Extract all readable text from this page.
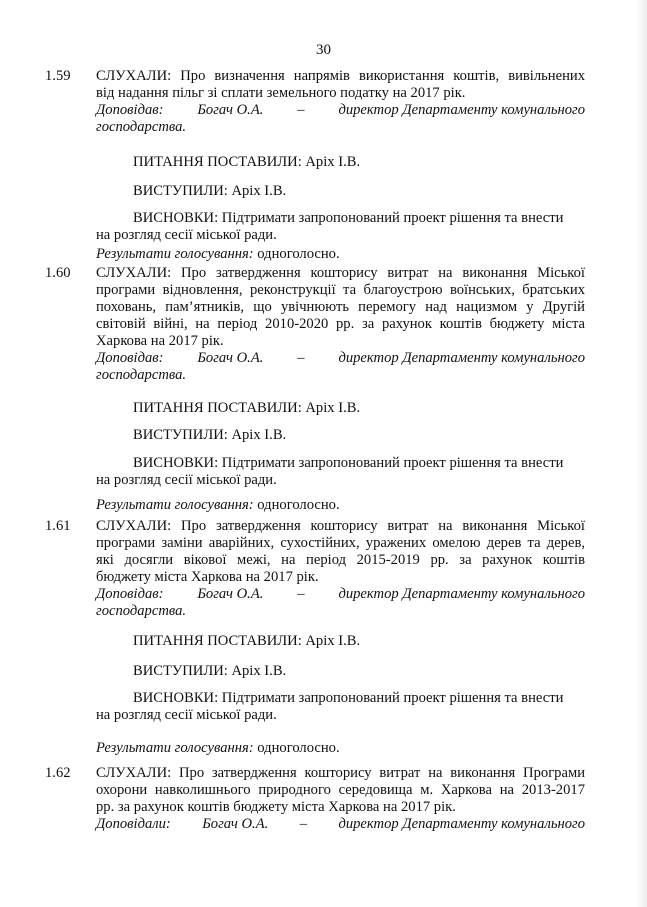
30
1.59 СЛУХАЛИ: Про визначення напрямів використання коштів, вивільнених
від надання пільг зі сплати земельного податку на 2017 рік.
Доповідав: Богач О.А. – директор Департаменту комунального
господарства.
ПИТАННЯ ПОСТАВИЛИ: Аріх І.В.
ВИСТУПИЛИ: Аріх І.В.
ВИСНОВКИ: Підтримати запропонований проект рішення та внести
на розгляд сесії міської ради.
Результати голосування: одноголосно.
1.60 СЛУХАЛИ: Про затвердження кошторису витрат на виконання Міської
програми відновлення, реконструкції та благоустрою воїнських, братських
поховань, пам’ятників, що увічнюють перемогу над нацизмом у Другій
світовій війні, на період 2010-2020 рр. за рахунок коштів бюджету міста
Харкова на 2017 рік.
Доповідав: Богач О.А. – директор Департаменту комунального
господарства.
ПИТАННЯ ПОСТАВИЛИ: Аріх І.В.
ВИСТУПИЛИ: Аріх І.В.
ВИСНОВКИ: Підтримати запропонований проект рішення та внести
на розгляд сесії міської ради.
Результати голосування: одноголосно.
1.61 СЛУХАЛИ: Про затвердження кошторису витрат на виконання Міської
програми заміни аварійних, сухостійних, уражених омелою дерев та дерев,
які досягли вікової межі, на період 2015-2019 рр. за рахунок коштів
бюджету міста Харкова на 2017 рік.
Доповідав: Богач О.А. – директор Департаменту комунального
господарства.
ПИТАННЯ ПОСТАВИЛИ: Аріх І.В.
ВИСТУПИЛИ: Аріх І.В.
ВИСНОВКИ: Підтримати запропонований проект рішення та внести
на розгляд сесії міської ради.
Результати голосування: одноголосно.
1.62 СЛУХАЛИ: Про затвердження кошторису витрат на виконання Програми
охорони навколишнього природного середовища м. Харкова на 2013-2017
рр. за рахунок коштів бюджету міста Харкова на 2017 рік.
Доповідали: Богач О.А. – директор Департаменту комунального
